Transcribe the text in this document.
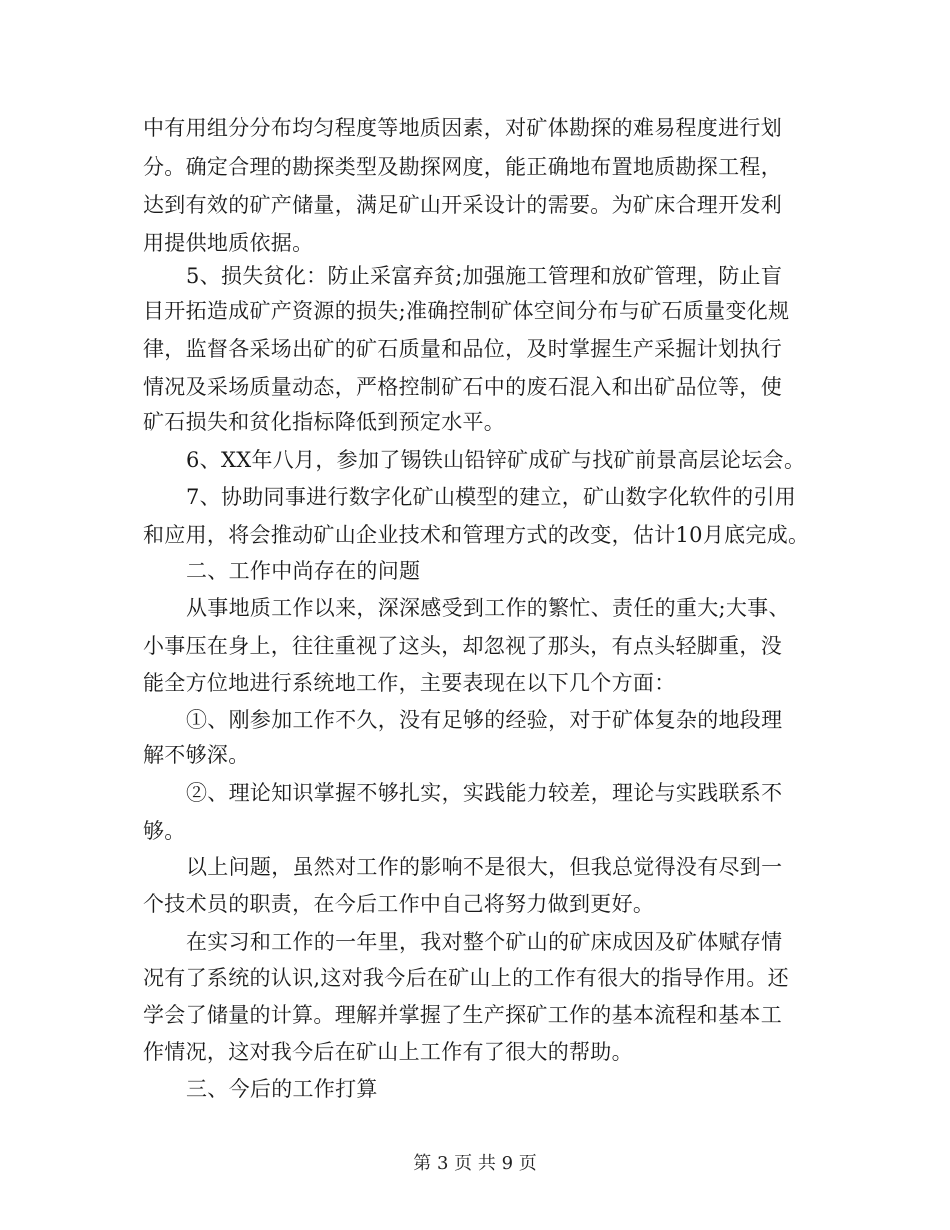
中有用组分分布均匀程度等地质因素，对矿体勘探的难易程度进行划
分。确定合理的勘探类型及勘探网度，能正确地布置地质勘探工程，
达到有效的矿产储量，满足矿山开采设计的需要。为矿床合理开发利
用提供地质依据。
5、损失贫化：防止采富弃贫;加强施工管理和放矿管理，防止盲
目开拓造成矿产资源的损失;准确控制矿体空间分布与矿石质量变化规
律，监督各采场出矿的矿石质量和品位，及时掌握生产采掘计划执行
情况及采场质量动态，严格控制矿石中的废石混入和出矿品位等，使
矿石损失和贫化指标降低到预定水平。
6、XX年八月，参加了锡铁山铅锌矿成矿与找矿前景高层论坛会。
7、协助同事进行数字化矿山模型的建立，矿山数字化软件的引用
和应用，将会推动矿山企业技术和管理方式的改变，估计10月底完成。
二、工作中尚存在的问题
从事地质工作以来，深深感受到工作的繁忙、责任的重大;大事、
小事压在身上，往往重视了这头，却忽视了那头，有点头轻脚重，没
能全方位地进行系统地工作，主要表现在以下几个方面：
①、刚参加工作不久，没有足够的经验，对于矿体复杂的地段理
解不够深。
②、理论知识掌握不够扎实，实践能力较差，理论与实践联系不
够。
以上问题，虽然对工作的影响不是很大，但我总觉得没有尽到一
个技术员的职责，在今后工作中自己将努力做到更好。
在实习和工作的一年里，我对整个矿山的矿床成因及矿体赋存情
况有了系统的认识,这对我今后在矿山上的工作有很大的指导作用。还
学会了储量的计算。理解并掌握了生产探矿工作的基本流程和基本工
作情况，这对我今后在矿山上工作有了很大的帮助。
三、今后的工作打算
第 3 页 共 9 页
